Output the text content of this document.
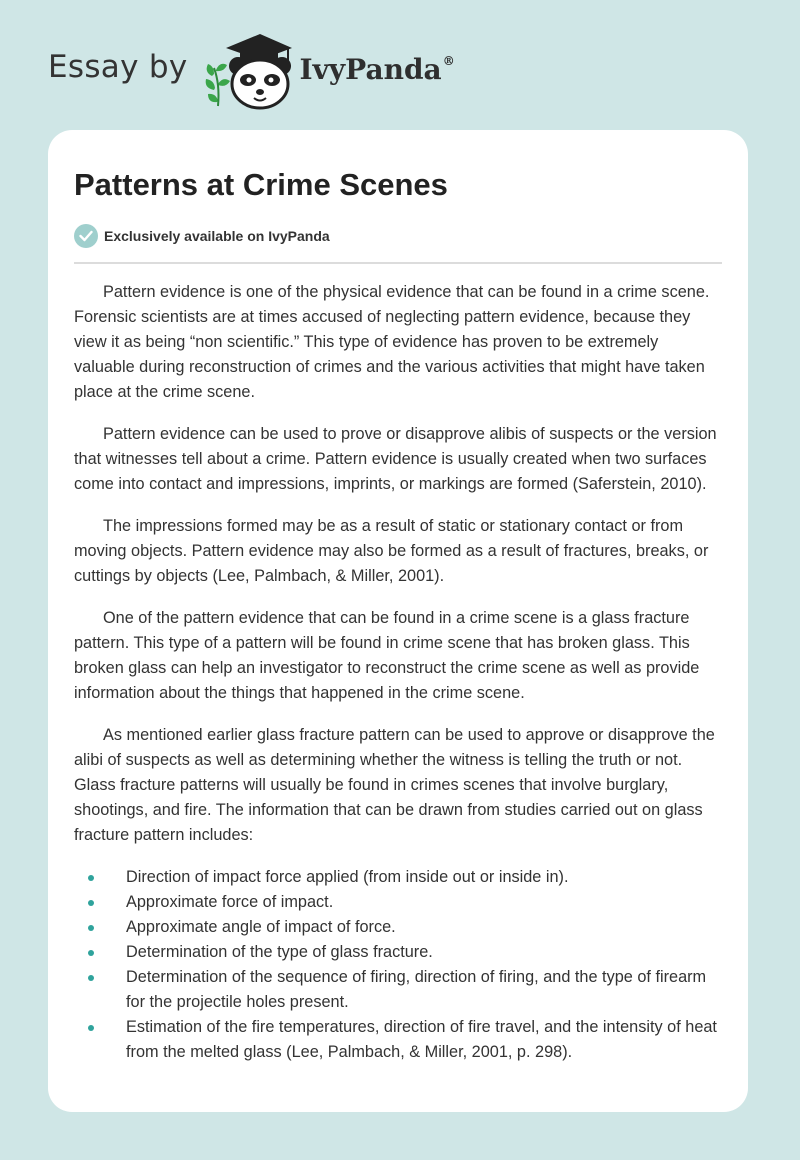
Essay by	IvyPanda®
Patterns at Crime Scenes
Exclusively available on IvyPanda

Pattern evidence is one of the physical evidence that can be found in a crime scene. Forensic scientists are at times accused of neglecting pattern evidence, because they view it as being “non scientific.” This type of evidence has proven to be extremely valuable during reconstruction of crimes and the various activities that might have taken place at the crime scene.

Pattern evidence can be used to prove or disapprove alibis of suspects or the version that witnesses tell about a crime. Pattern evidence is usually created when two surfaces come into contact and impressions, imprints, or markings are formed (Saferstein, 2010).

The impressions formed may be as a result of static or stationary contact or from moving objects. Pattern evidence may also be formed as a result of fractures, breaks, or cuttings by objects (Lee, Palmbach, & Miller, 2001).

One of the pattern evidence that can be found in a crime scene is a glass fracture pattern. This type of a pattern will be found in crime scene that has broken glass. This broken glass can help an investigator to reconstruct the crime scene as well as provide information about the things that happened in the crime scene.

As mentioned earlier glass fracture pattern can be used to approve or disapprove the alibi of suspects as well as determining whether the witness is telling the truth or not. Glass fracture patterns will usually be found in crimes scenes that involve burglary, shootings, and fire. The information that can be drawn from studies carried out on glass fracture pattern includes:

Direction of impact force applied (from inside out or inside in).
Approximate force of impact.
Approximate angle of impact of force.
Determination of the type of glass fracture.
Determination of the sequence of firing, direction of firing, and the type of firearm for the projectile holes present.
Estimation of the fire temperatures, direction of fire travel, and the intensity of heat from the melted glass (Lee, Palmbach, & Miller, 2001, p. 298).
